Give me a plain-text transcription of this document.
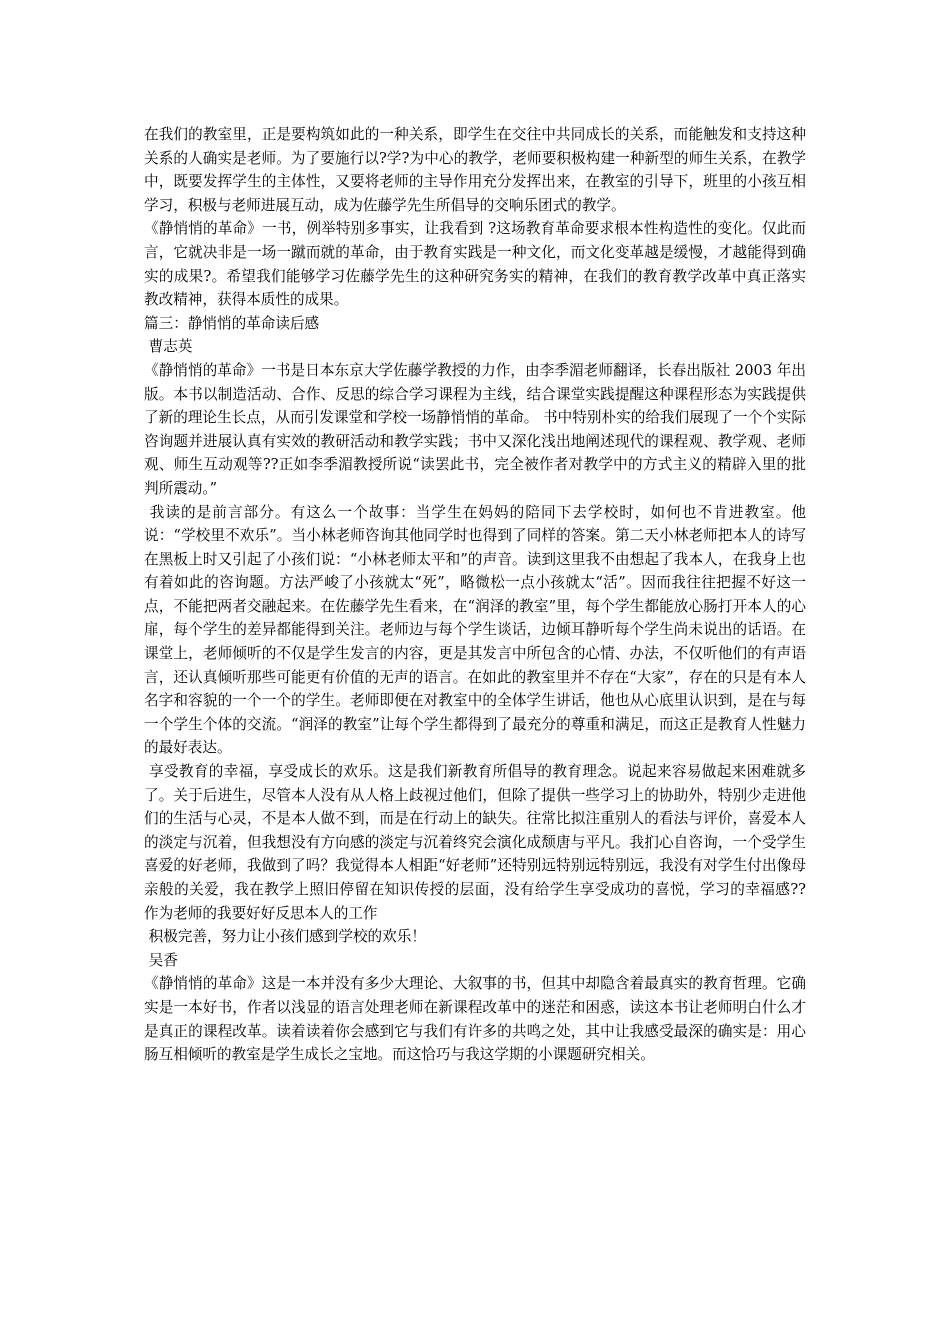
在我们的教室里，正是要构筑如此的一种关系，即学生在交往中共同成长的关系，而能触发和支持这种关系的人确实是老师。为了要施行以?学?为中心的教学，老师要积极构建一种新型的师生关系，在教学中，既要发挥学生的主体性，又要将老师的主导作用充分发挥出来，在教室的引导下，班里的小孩互相学习，积极与老师进展互动，成为佐藤学先生所倡导的交响乐团式的教学。

《静悄悄的革命》一书，例举特别多事实，让我看到 ?这场教育革命要求根本性构造性的变化。仅此而言，它就决非是一场一蹴而就的革命，由于教育实践是一种文化，而文化变革越是缓慢，才越能得到确实的成果?。希望我们能够学习佐藤学先生的这种研究务实的精神，在我们的教育教学改革中真正落实教改精神，获得本质性的成果。

篇三：静悄悄的革命读后感

曹志英

《静悄悄的革命》一书是日本东京大学佐藤学教授的力作，由李季湄老师翻译，长春出版社 2003 年出版。本书以制造活动、合作、反思的综合学习课程为主线，结合课堂实践提醒这种课程形态为实践提供了新的理论生长点，从而引发课堂和学校一场静悄悄的革命。 书中特别朴实的给我们展现了一个个实际咨询题并进展认真有实效的教研活动和教学实践；书中又深化浅出地阐述现代的课程观、教学观、老师观、师生互动观等??正如李季湄教授所说“读罢此书，完全被作者对教学中的方式主义的精辟入里的批判所震动。”

我读的是前言部分。有这么一个故事：当学生在妈妈的陪同下去学校时，如何也不肯进教室。他说：“学校里不欢乐”。当小林老师咨询其他同学时也得到了同样的答案。第二天小林老师把本人的诗写在黑板上时又引起了小孩们说：“小林老师太平和”的声音。读到这里我不由想起了我本人，在我身上也有着如此的咨询题。方法严峻了小孩就太“死”，略微松一点小孩就太“活”。因而我往往把握不好这一点，不能把两者交融起来。在佐藤学先生看来，在“润泽的教室”里，每个学生都能放心肠打开本人的心扉，每个学生的差异都能得到关注。老师边与每个学生谈话，边倾耳静听每个学生尚未说出的话语。在课堂上，老师倾听的不仅是学生发言的内容，更是其发言中所包含的心情、办法，不仅听他们的有声语言，还认真倾听那些可能更有价值的无声的语言。在如此的教室里并不存在“大家”，存在的只是有本人名字和容貌的一个一个的学生。老师即便在对教室中的全体学生讲话，他也从心底里认识到，是在与每一个学生个体的交流。“润泽的教室”让每个学生都得到了最充分的尊重和满足，而这正是教育人性魅力的最好表达。

享受教育的幸福，享受成长的欢乐。这是我们新教育所倡导的教育理念。说起来容易做起来困难就多了。关于后进生，尽管本人没有从人格上歧视过他们，但除了提供一些学习上的协助外，特别少走进他们的生活与心灵，不是本人做不到，而是在行动上的缺失。往常比拟注重别人的看法与评价，喜爱本人的淡定与沉着，但我想没有方向感的淡定与沉着终究会演化成颓唐与平凡。我扪心自咨询，一个受学生喜爱的好老师，我做到了吗？我觉得本人相距“好老师”还特别远特别远特别远，我没有对学生付出像母亲般的关爱，我在教学上照旧停留在知识传授的层面，没有给学生享受成功的喜悦，学习的幸福感?? 作为老师的我要好好反思本人的工作

积极完善，努力让小孩们感到学校的欢乐！

吴香

《静悄悄的革命》这是一本并没有多少大理论、大叙事的书，但其中却隐含着最真实的教育哲理。它确实是一本好书，作者以浅显的语言处理老师在新课程改革中的迷茫和困惑，读这本书让老师明白什么才是真正的课程改革。读着读着你会感到它与我们有许多的共鸣之处，其中让我感受最深的确实是：用心肠互相倾听的教室是学生成长之宝地。而这恰巧与我这学期的小课题研究相关。
